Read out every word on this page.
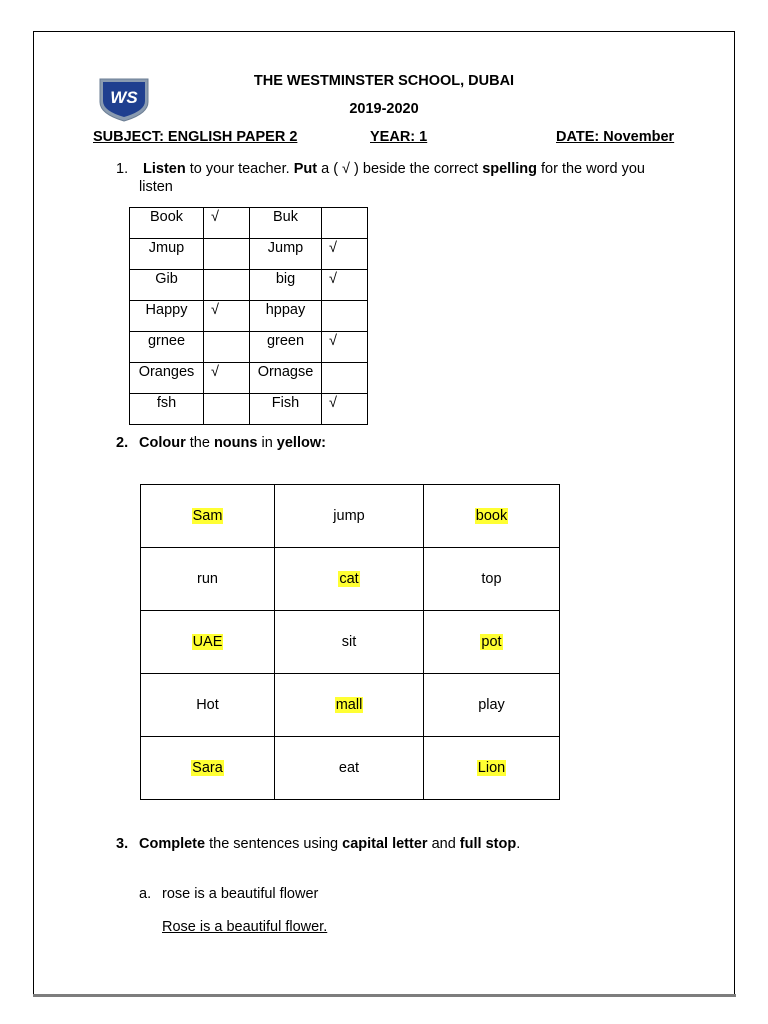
WS
THE WESTMINSTER SCHOOL, DUBAI
2019-2020
SUBJECT: ENGLISH PAPER 2	YEAR: 1	DATE: November
1. Listen to your teacher. Put a ( √ ) beside the correct spelling for the word you
listen
Book	√	Buk	
Jmup		Jump	√
Gib		big	√
Happy	√	hppay	
grnee		green	√
Oranges	√	Ornagse	
fsh		Fish	√
2. Colour the nouns in yellow:
Sam	jump	book
run	cat	top
UAE	sit	pot
Hot	mall	play
Sara	eat	Lion
3. Complete the sentences using capital letter and full stop.
a. rose is a beautiful flower
Rose is a beautiful flower.
